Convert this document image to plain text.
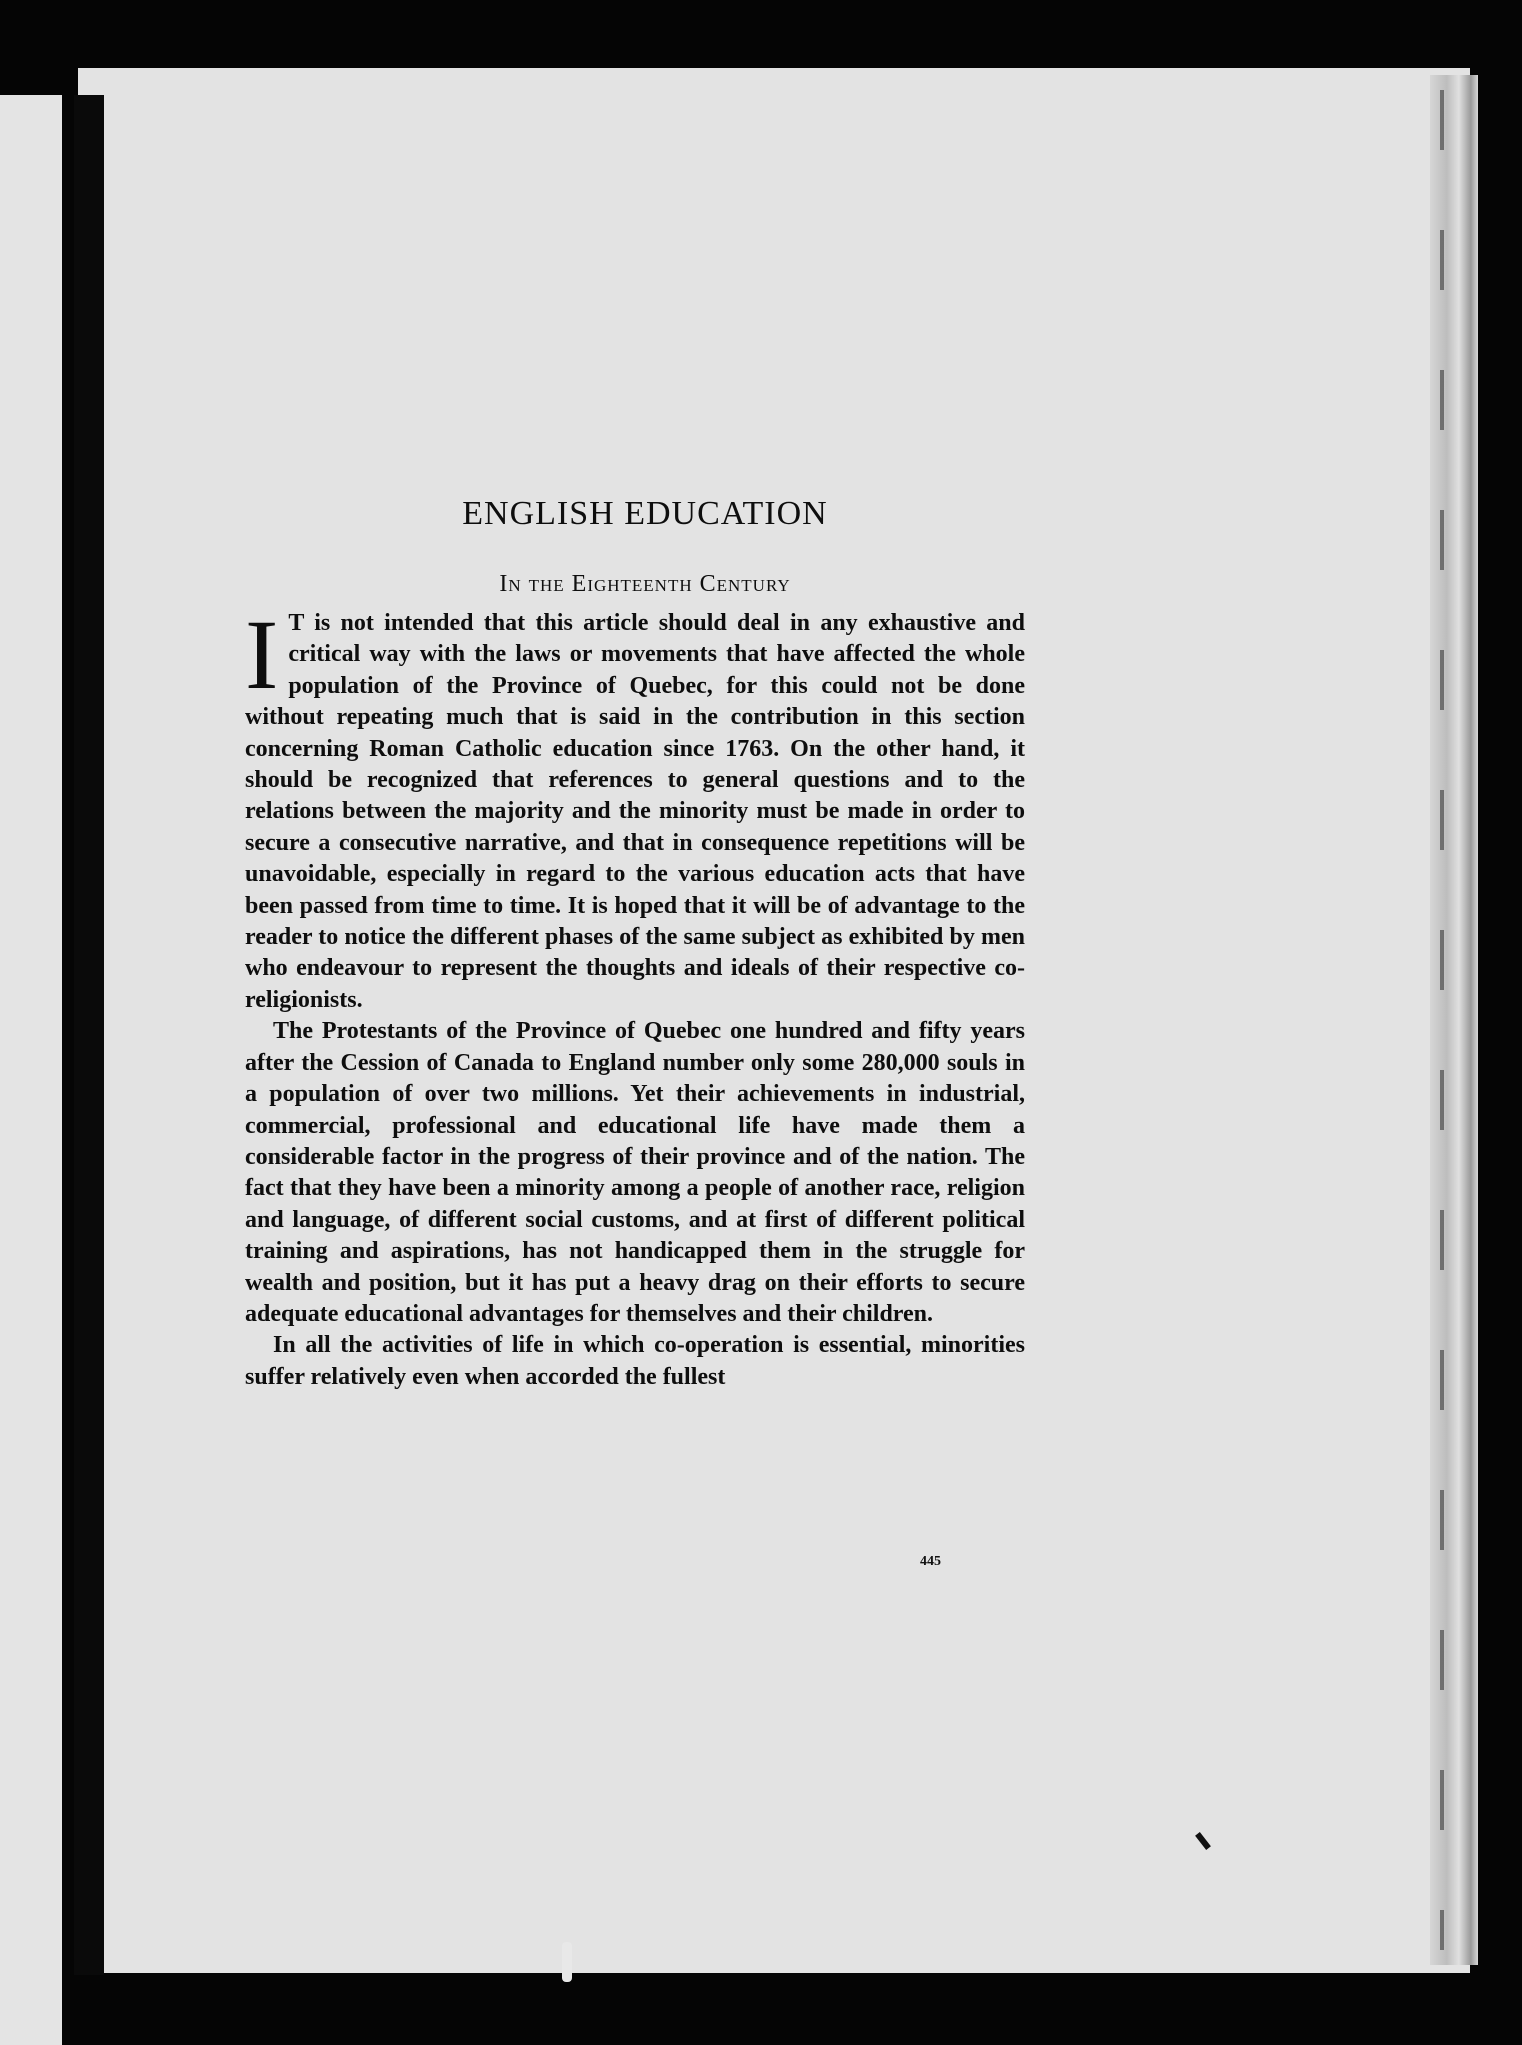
ENGLISH EDUCATION
In the Eighteenth Century

I T is not intended that this article should deal in any exhaustive and critical way with the laws or movements that have affected the whole population of the Province of Quebec, for this could not be done without repeating much that is said in the contribution in this section concerning Roman Catholic education since 1763. On the other hand, it should be recognized that references to general questions and to the relations between the majority and the minority must be made in order to secure a consecutive narrative, and that in consequence repetitions will be unavoidable, especially in regard to the various education acts that have been passed from time to time. It is hoped that it will be of advantage to the reader to notice the different phases of the same subject as exhibited by men who endeavour to represent the thoughts and ideals of their respective co-religionists.

The Protestants of the Province of Quebec one hundred and fifty years after the Cession of Canada to England number only some 280,000 souls in a population of over two millions. Yet their achievements in industrial, commercial, professional and educational life have made them a considerable factor in the progress of their province and of the nation. The fact that they have been a minority among a people of another race, religion and language, of different social customs, and at first of different political training and aspirations, has not handicapped them in the struggle for wealth and position, but it has put a heavy drag on their efforts to secure adequate educational advantages for themselves and their children.

In all the activities of life in which co-operation is essential, minorities suffer relatively even when accorded the fullest

445
